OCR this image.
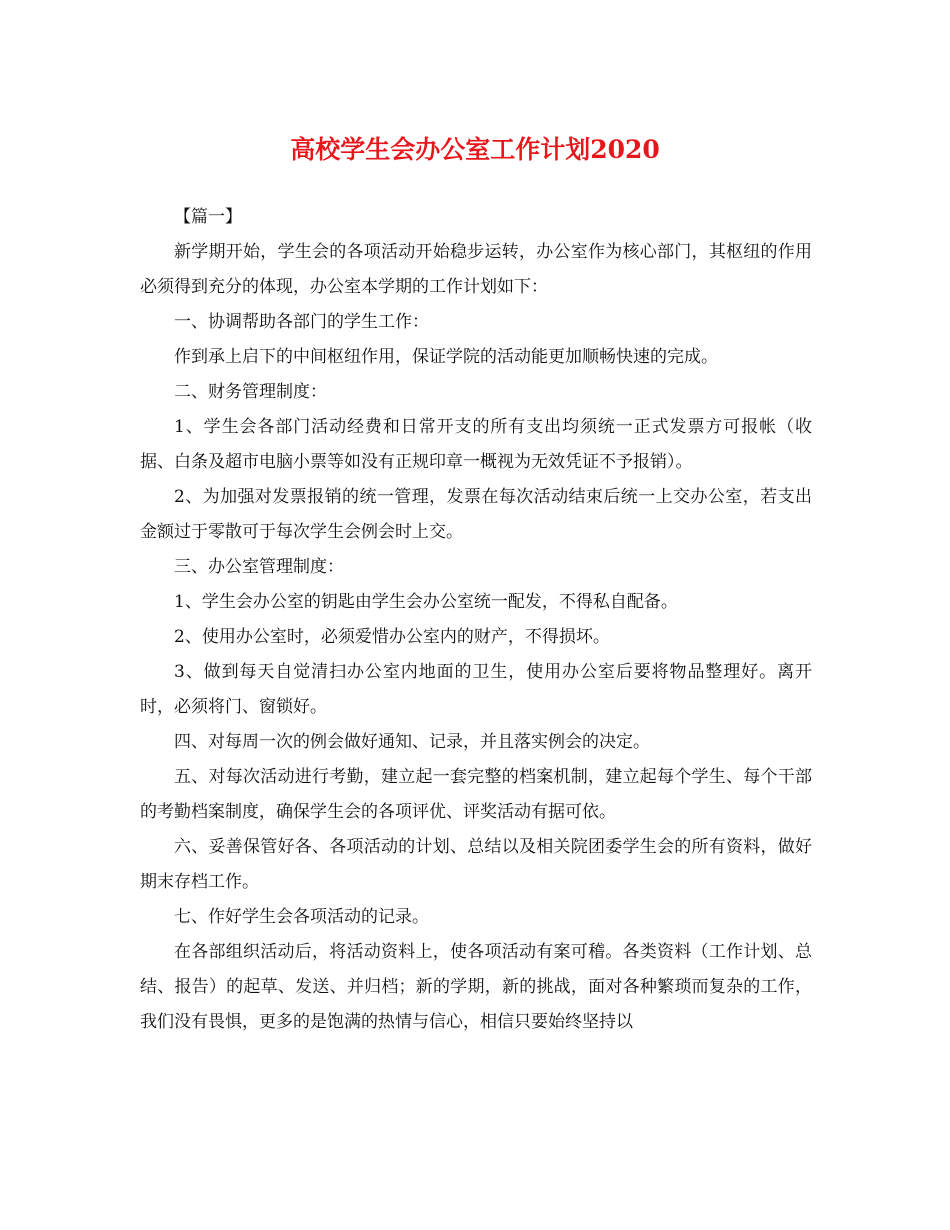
高校学生会办公室工作计划2020

【篇一】

新学期开始，学生会的各项活动开始稳步运转，办公室作为核心部门，其枢纽的作用必须得到充分的体现，办公室本学期的工作计划如下：

一、协调帮助各部门的学生工作：

作到承上启下的中间枢纽作用，保证学院的活动能更加顺畅快速的完成。

二、财务管理制度：

1、学生会各部门活动经费和日常开支的所有支出均须统一正式发票方可报帐（收据、白条及超市电脑小票等如没有正规印章一概视为无效凭证不予报销）。

2、为加强对发票报销的统一管理，发票在每次活动结束后统一上交办公室，若支出金额过于零散可于每次学生会例会时上交。

三、办公室管理制度：

1、学生会办公室的钥匙由学生会办公室统一配发，不得私自配备。

2、使用办公室时，必须爱惜办公室内的财产，不得损坏。

3、做到每天自觉清扫办公室内地面的卫生，使用办公室后要将物品整理好。离开时，必须将门、窗锁好。

四、对每周一次的例会做好通知、记录，并且落实例会的决定。

五、对每次活动进行考勤，建立起一套完整的档案机制，建立起每个学生、每个干部的考勤档案制度，确保学生会的各项评优、评奖活动有据可依。

六、妥善保管好各、各项活动的计划、总结以及相关院团委学生会的所有资料，做好期末存档工作。

七、作好学生会各项活动的记录。

在各部组织活动后，将活动资料上，使各项活动有案可稽。各类资料（工作计划、总结、报告）的起草、发送、并归档；新的学期，新的挑战，面对各种繁琐而复杂的工作，我们没有畏惧，更多的是饱满的热情与信心，相信只要始终坚持以
